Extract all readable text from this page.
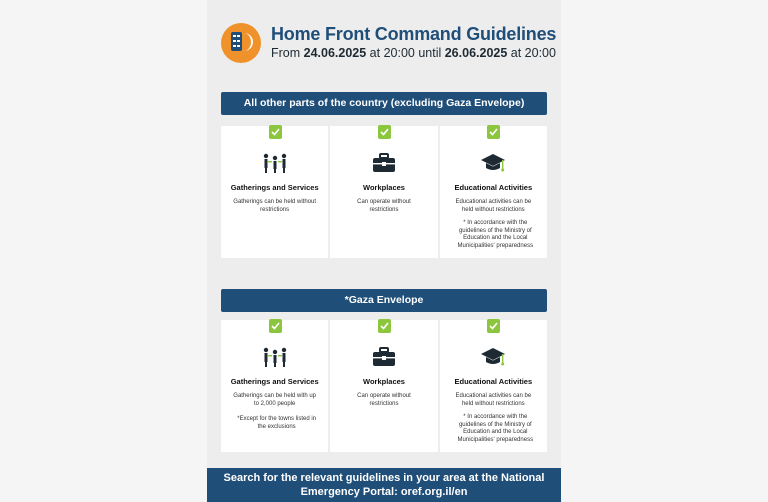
Home Front Command Guidelines
From 24.06.2025 at 20:00 until 26.06.2025 at 20:00
All other parts of the country (excluding Gaza Envelope)
Gatherings and Services
Gatherings can be held without restrictions
Workplaces
Can operate without restrictions
Educational Activities
Educational activities can be held without restrictions
* In accordance with the guidelines of the Ministry of Education and the Local Municipalities' preparedness
*Gaza Envelope
Gatherings and Services
Gatherings can be held with up to 2,000 people
*Except for the towns listed in the exclusions
Workplaces
Can operate without restrictions
Educational Activities
Educational activities can be held without restrictions
* In accordance with the guidelines of the Ministry of Education and the Local Municipalities' preparedness
Search for the relevant guidelines in your area at the National
Emergency Portal: oref.org.il/en
